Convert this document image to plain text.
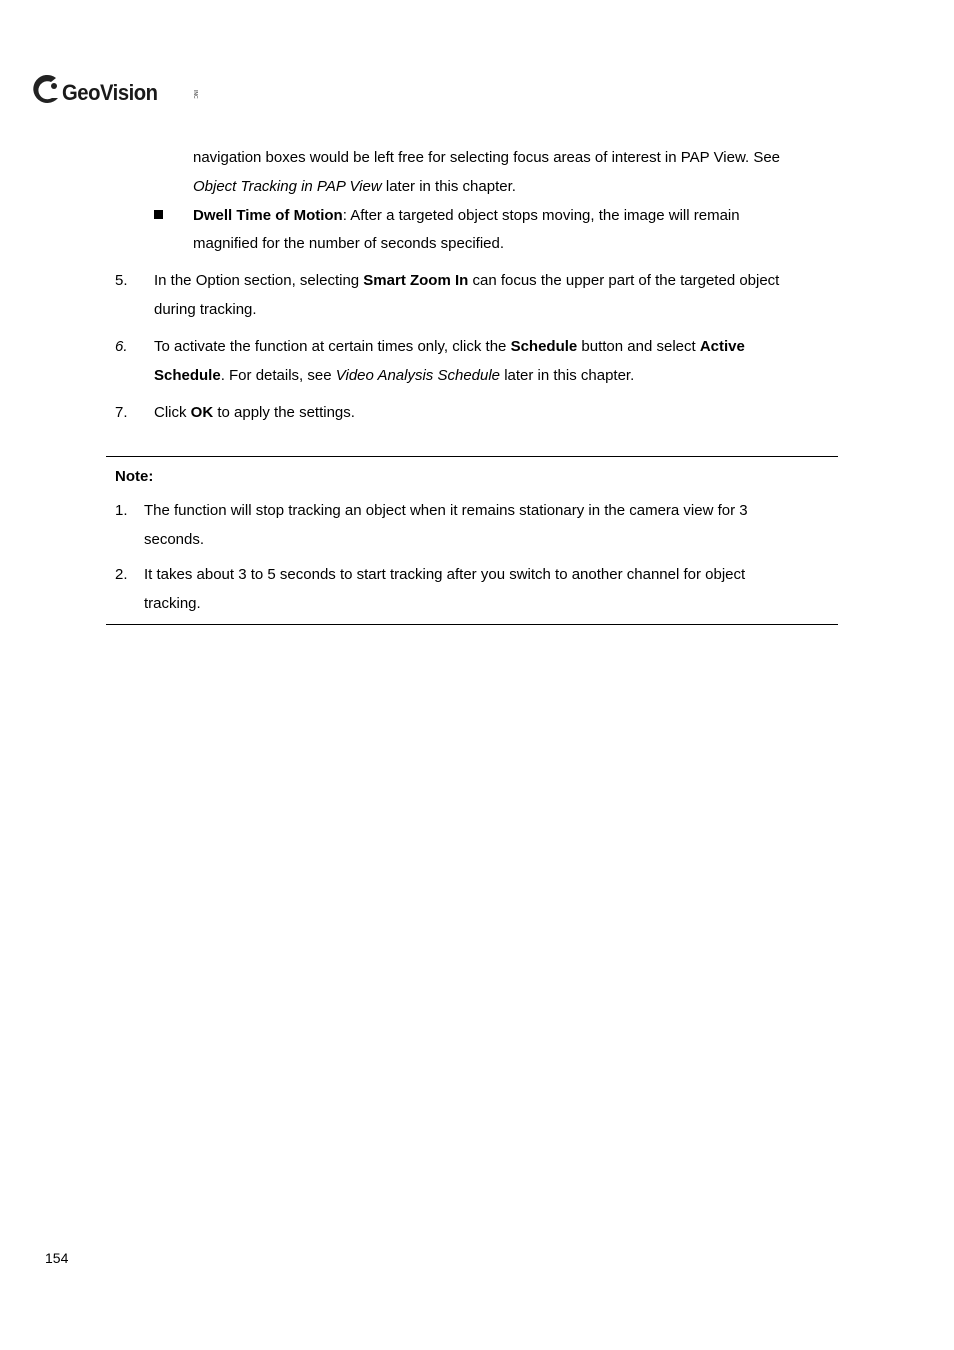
GeoVision	INC
navigation boxes would be left free for selecting focus areas of interest in PAP View. See
Object Tracking in PAP View later in this chapter.
Dwell Time of Motion: After a targeted object stops moving, the image will remain
magnified for the number of seconds specified.
5. In the Option section, selecting Smart Zoom In can focus the upper part of the targeted object
during tracking.
6. To activate the function at certain times only, click the Schedule button and select Active
Schedule. For details, see Video Analysis Schedule later in this chapter.
7. Click OK to apply the settings.
Note:
1. The function will stop tracking an object when it remains stationary in the camera view for 3
seconds.
2. It takes about 3 to 5 seconds to start tracking after you switch to another channel for object
tracking.
154
